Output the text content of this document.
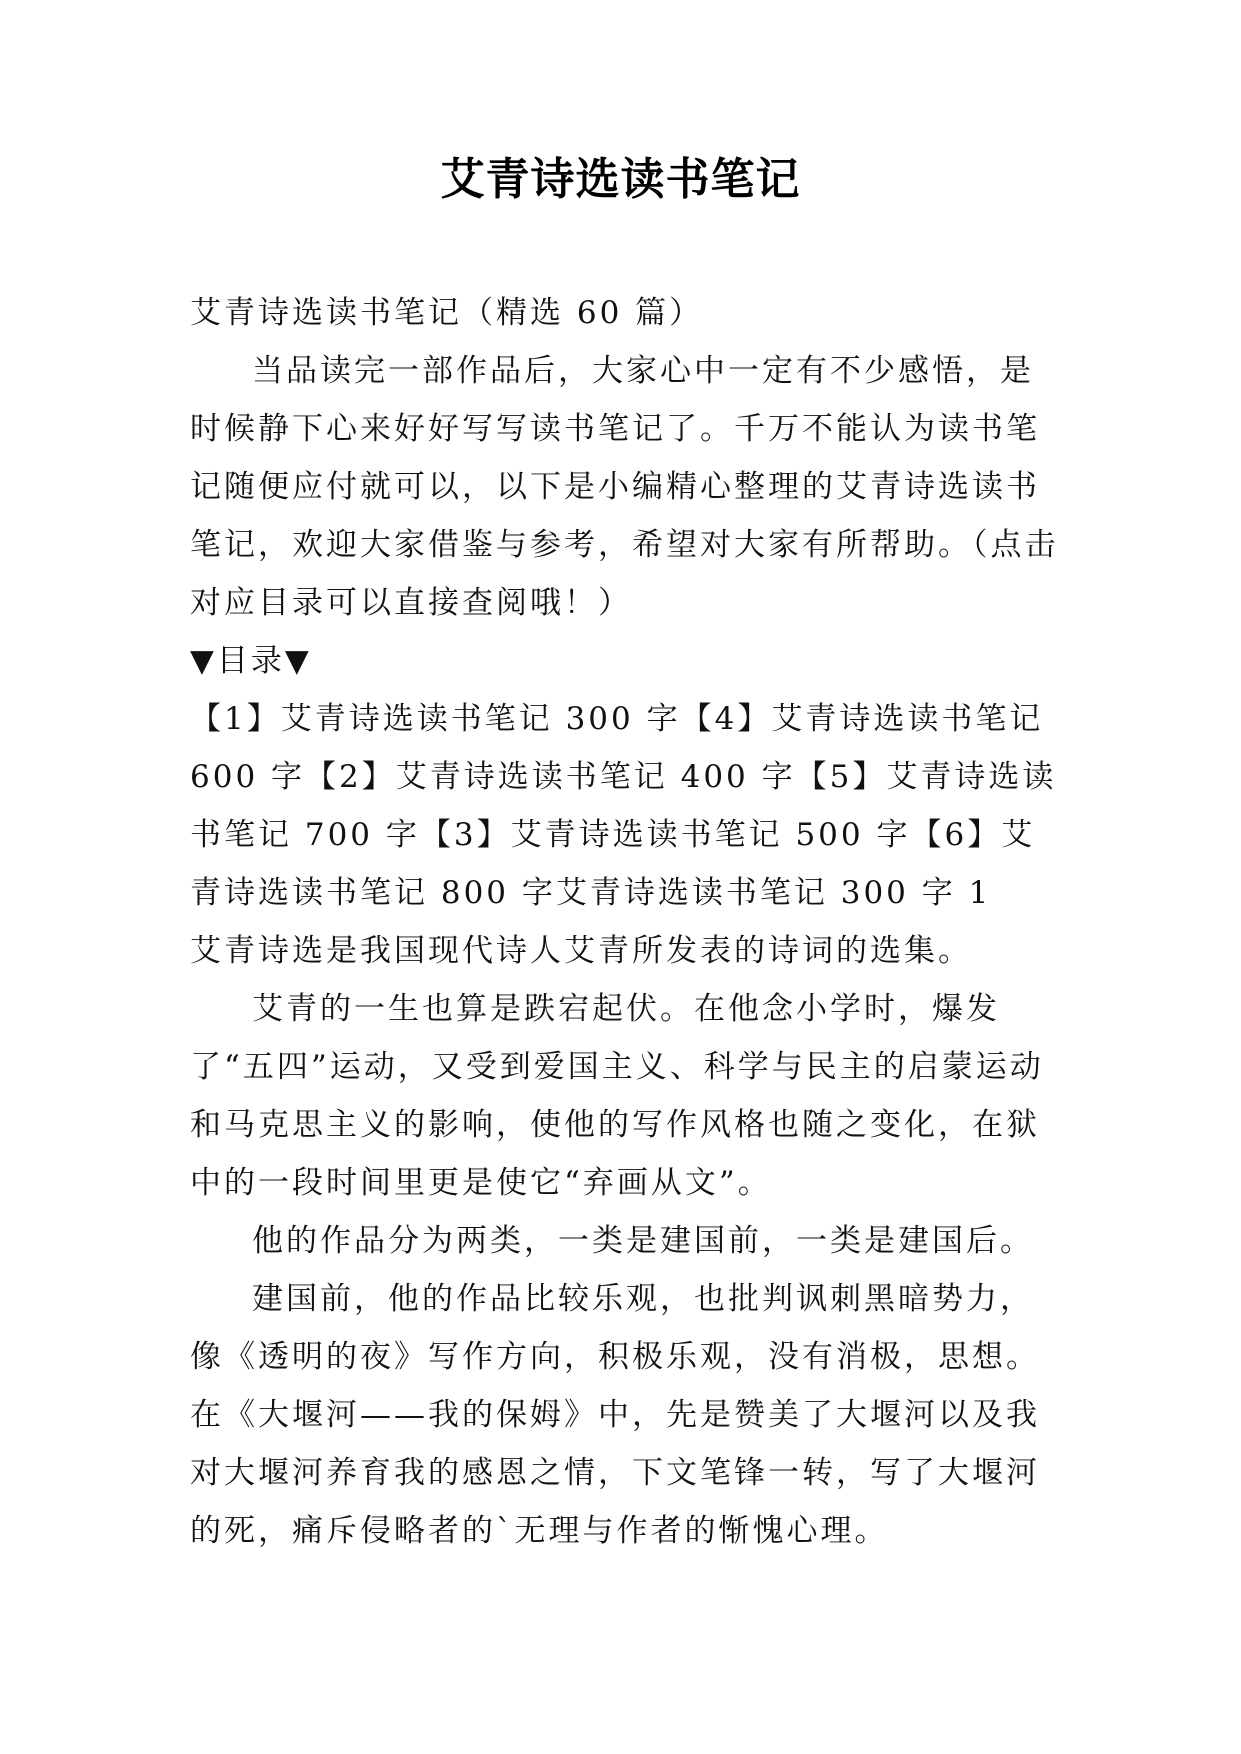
艾青诗选读书笔记

艾青诗选读书笔记（精选 60 篇）

当品读完一部作品后，大家心中一定有不少感悟，是时候静下心来好好写写读书笔记了。千万不能认为读书笔记随便应付就可以，以下是小编精心整理的艾青诗选读书笔记，欢迎大家借鉴与参考，希望对大家有所帮助。（点击对应目录可以直接查阅哦！）

▼目录▼

【1】艾青诗选读书笔记 300 字【4】艾青诗选读书笔记 600 字【2】艾青诗选读书笔记 400 字【5】艾青诗选读书笔记 700 字【3】艾青诗选读书笔记 500 字【6】艾青诗选读书笔记 800 字艾青诗选读书笔记 300 字 1　　艾青诗选是我国现代诗人艾青所发表的诗词的选集。

艾青的一生也算是跌宕起伏。在他念小学时，爆发了“五四”运动，又受到爱国主义、科学与民主的启蒙运动和马克思主义的影响，使他的写作风格也随之变化，在狱中的一段时间里更是使它“弃画从文”。

他的作品分为两类，一类是建国前，一类是建国后。

建国前，他的作品比较乐观，也批判讽刺黑暗势力，像《透明的夜》写作方向，积极乐观，没有消极，思想。在《大堰河——我的保姆》中，先是赞美了大堰河以及我对大堰河养育我的感恩之情，下文笔锋一转，写了大堰河的死，痛斥侵略者的`无理与作者的惭愧心理。
